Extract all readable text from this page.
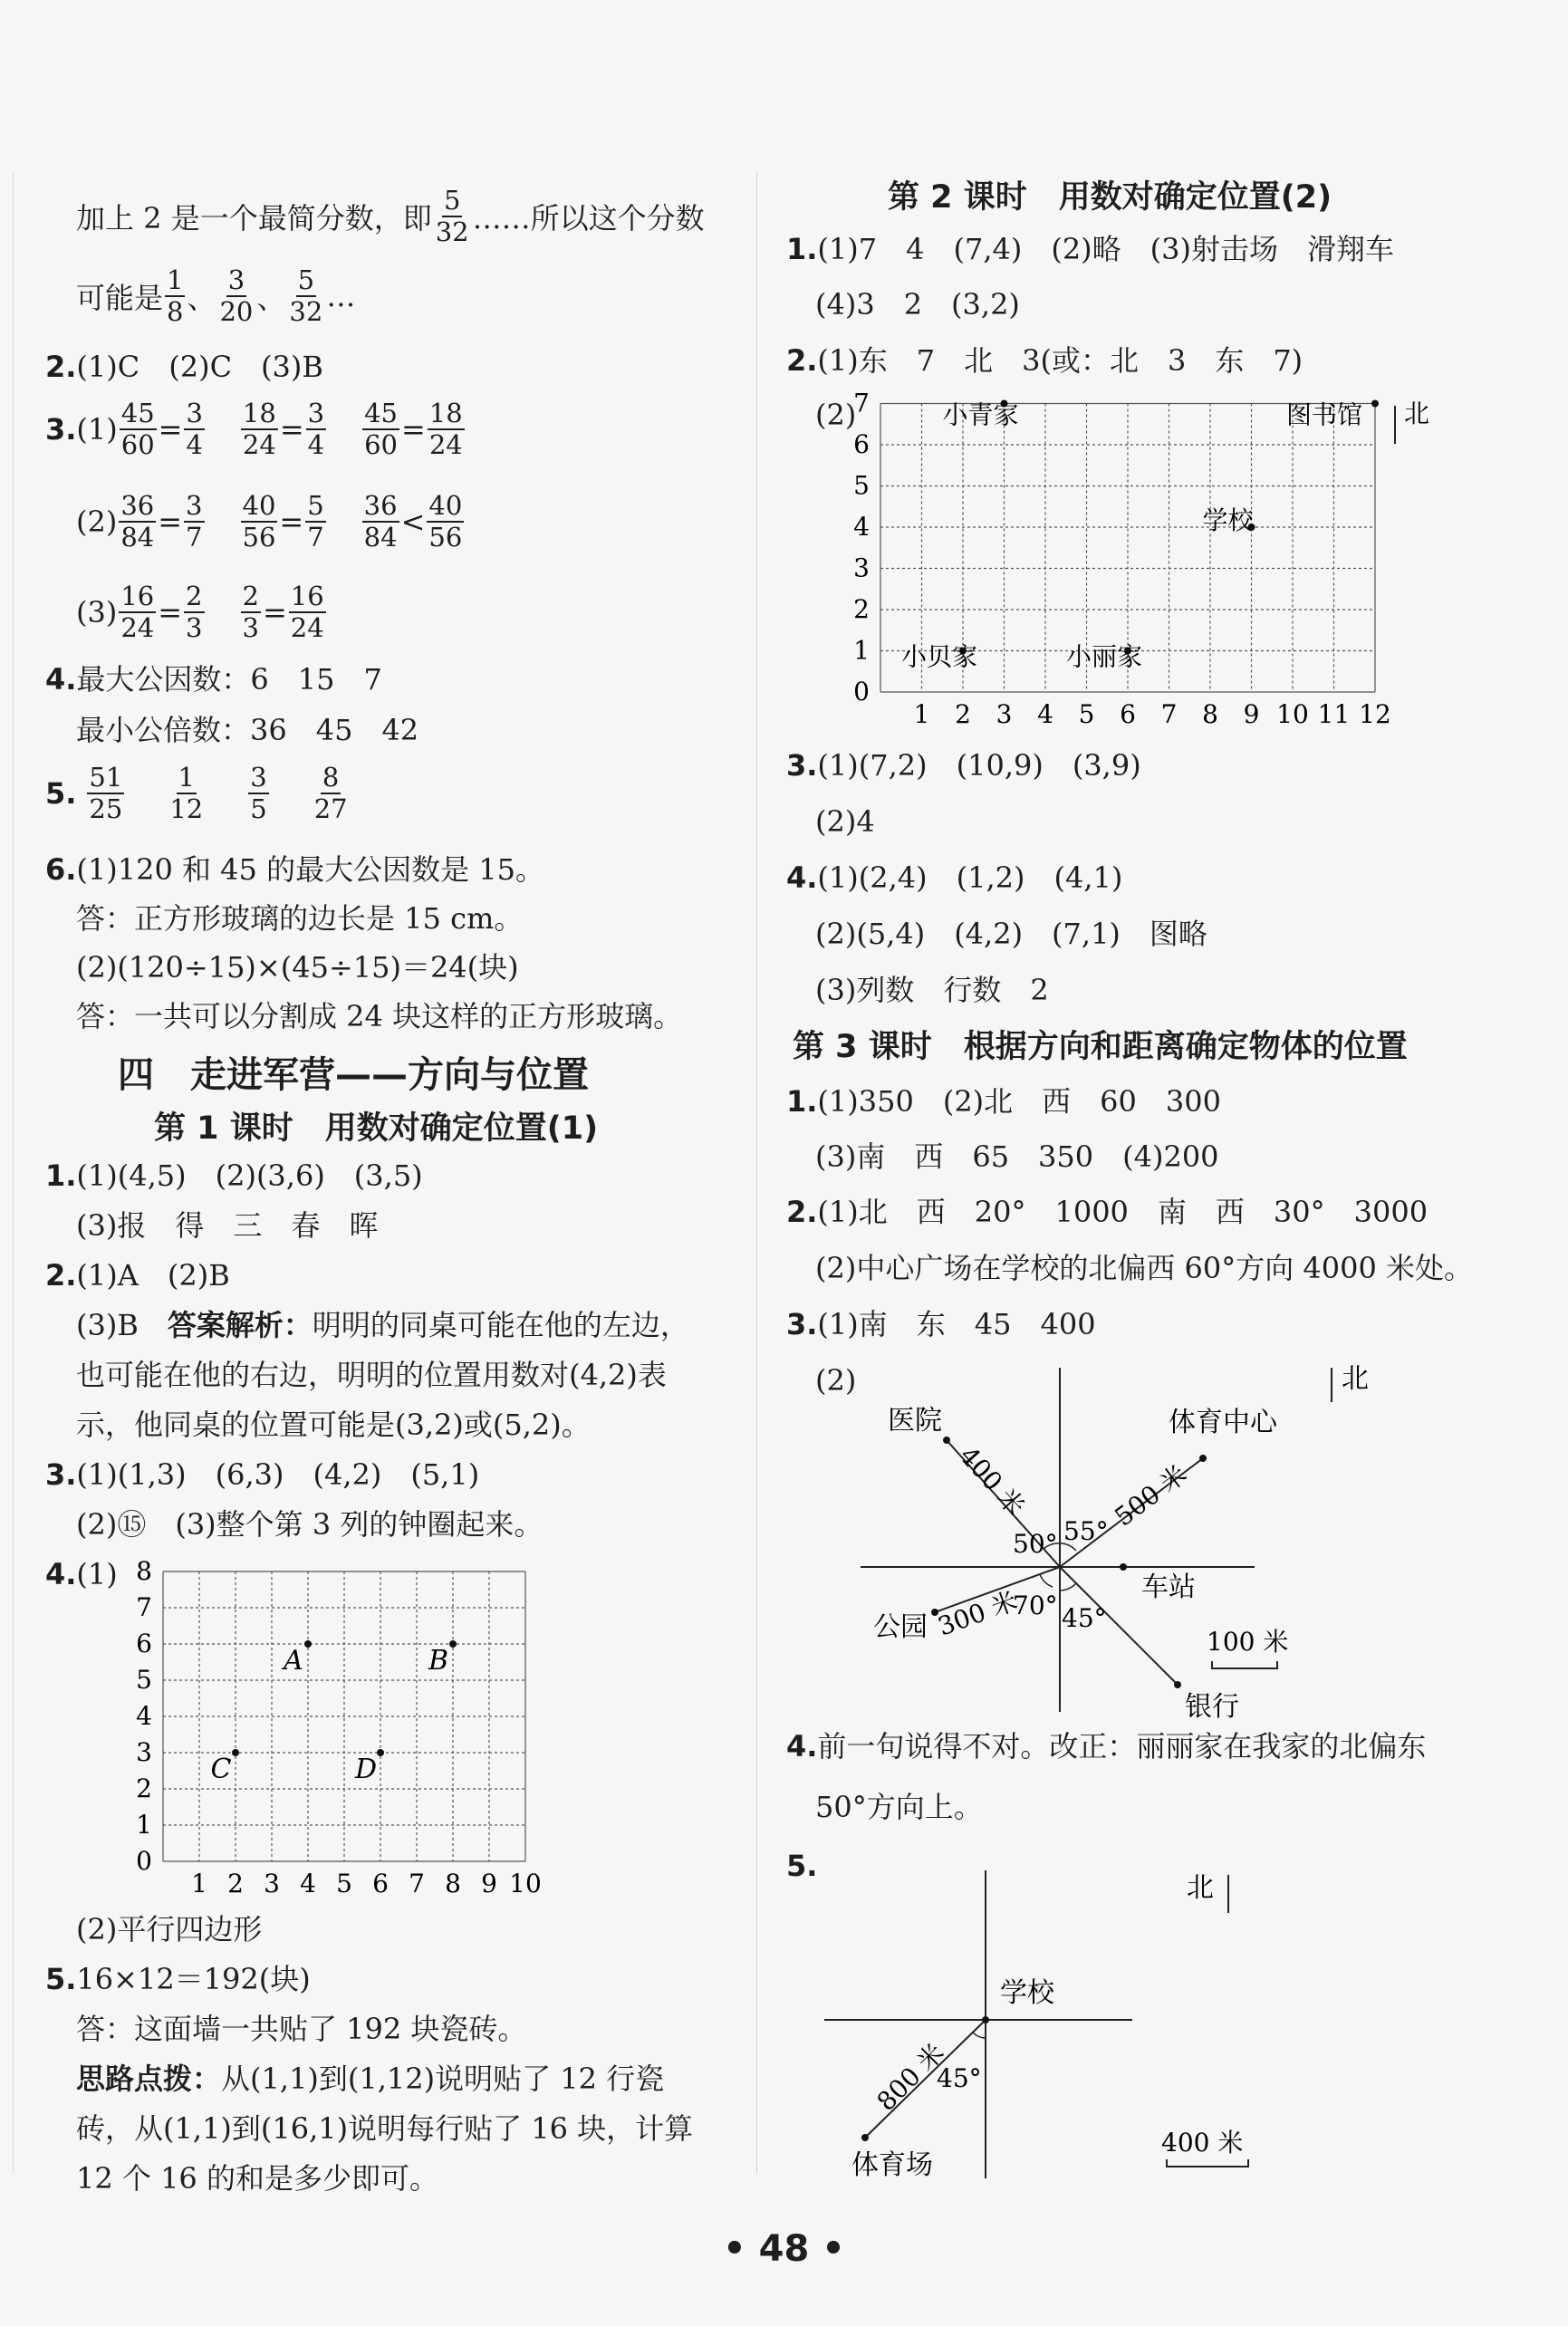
加上 2 是一个最简分数，即 $\frac{5}{32}$ ……所以这个分数
可能是 $\frac{1}{8}$ 、 $\frac{3}{20}$ 、 $\frac{5}{32}$ …
2.(1)C　(2)C　(3)B
3. $(1) \frac{45}{60} = \frac{3}{4} \frac{18}{24} = \frac{3}{4} \frac{45}{60} = \frac{18}{24}$
$(2) \frac{36}{84} = \frac{3}{7} \frac{40}{56} = \frac{5}{7} \frac{36}{84} < \frac{40}{56}$
$(3) \frac{16}{24} = \frac{2}{3} \frac{2}{3} = \frac{16}{24}$
4.最大公因数：6　15　7
最小公倍数：36　45　42
5. $\frac{51}{25} \frac{1}{12} \frac{3}{5} \frac{8}{27}$
6.(1)120 和 45 的最大公因数是 15。
答：正方形玻璃的边长是 15 cm。
(2)(120÷15)×(45÷15)＝24(块)
答：一共可以分割成 24 块这样的正方形玻璃。
四　走进军营——方向与位置
第 1 课时　用数对确定位置(1)
1.(1)(4,5)　(2)(3,6)　(3,5)
(3)报　得　三　春　晖
2.(1)A　(2)B
(3)B　答案解析：明明的同桌可能在他的左边，
也可能在他的右边，明明的位置用数对(4,2)表
示，他同桌的位置可能是(3,2)或(5,2)。
3.(1)(1,3)　(6,3)　(4,2)　(5,1)
(2)⑮　(3)整个第 3 列的钟圈起来。
4.(1)
1 2 3 4 5 6 7 8 9 10
0
1
2
3
4
5
6
7
8
A	B
C	D
(2)平行四边形
5.16×12＝192(块)
答：这面墙一共贴了 192 块瓷砖。
思路点拨：从(1,1)到(1,12)说明贴了 12 行瓷
砖，从(1,1)到(16,1)说明每行贴了 16 块，计算
12 个 16 的和是多少即可。
第 2 课时　用数对确定位置(2)
1.(1)7　4　(7,4)　(2)略　(3)射击场　滑翔车
(4)3　2　(3,2)
2.(1)东　7　北　3(或：北　3　东　7)
(2)
1 2 3 4 5 6 7 8 9 10 11 12
0
1
2
3
4
5
6
7	小青家	图书馆
学校
小贝家	小丽家
北
3.(1)(7,2)　(10,9)　(3,9)
(2)4
4.(1)(2,4)　(1,2)　(4,1)
(2)(5,4)　(4,2)　(7,1)　图略
(3)列数　行数　2
第 3 课时　根据方向和距离确定物体的位置
1.(1)350　(2)北　西　60　300
(3)南　西　65　350　(4)200
2.(1)北　西　20°　1000　南　西　30°　3000
(2)中心广场在学校的北偏西 60°方向 4000 米处。
3.(1)南　东　45　400
(2)	北
医院
400 米
体育中心
500 米
车站
公园 300 米
银行
50° 55°
70° 45°
100 米
4.前一句说得不对。改正：丽丽家在我家的北偏东
50°方向上。
5.
北
学校
体育场
800 米
45°
400 米
• 48 •
